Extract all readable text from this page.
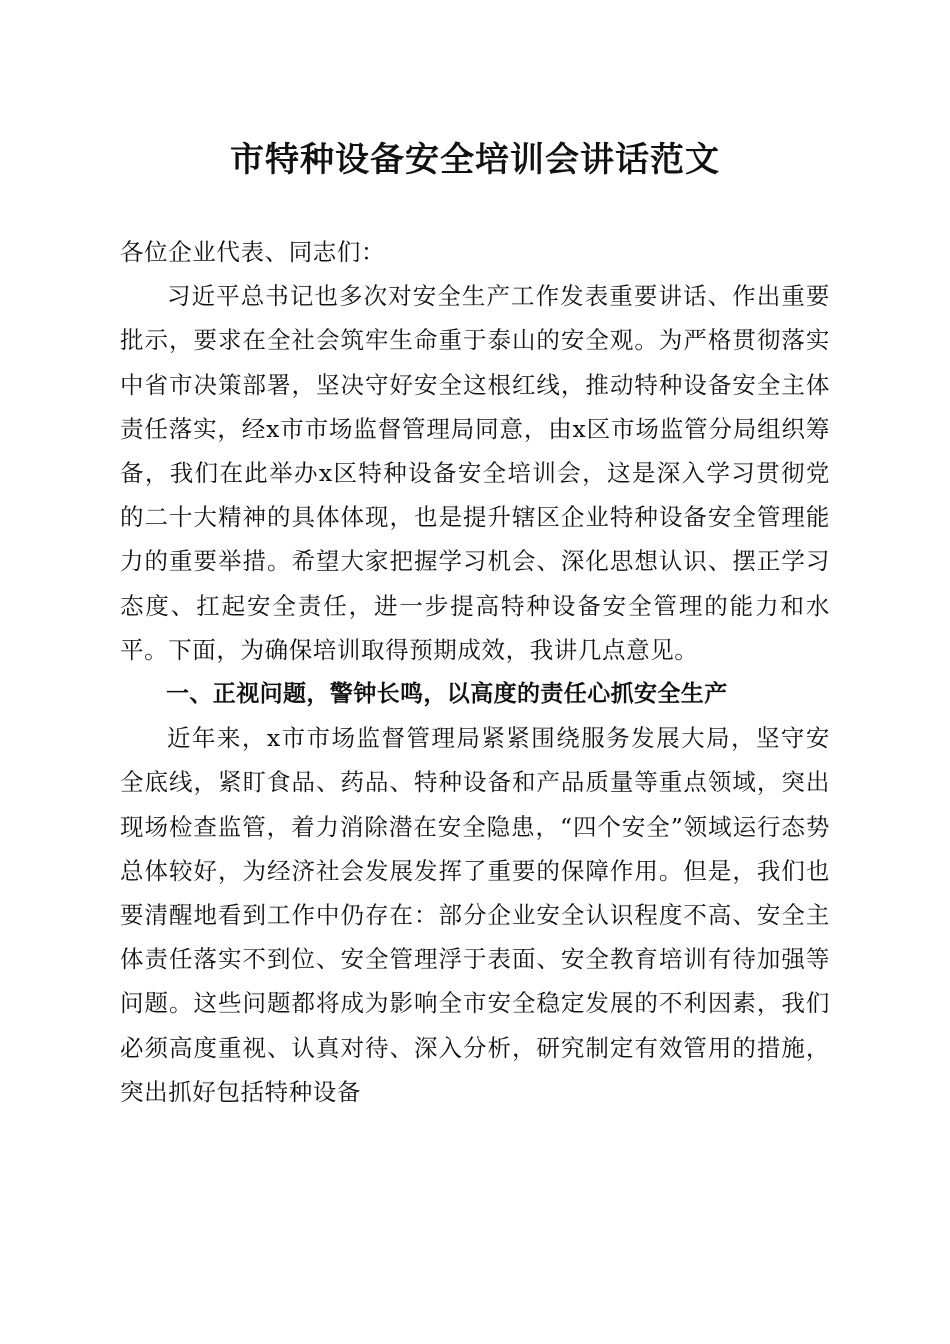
市特种设备安全培训会讲话范文

各位企业代表、同志们：

习近平总书记也多次对安全生产工作发表重要讲话、作出重要批示，要求在全社会筑牢生命重于泰山的安全观。为严格贯彻落实中省市决策部署，坚决守好安全这根红线，推动特种设备安全主体责任落实，经x市市场监督管理局同意，由x区市场监管分局组织筹备，我们在此举办x区特种设备安全培训会，这是深入学习贯彻党的二十大精神的具体体现，也是提升辖区企业特种设备安全管理能力的重要举措。希望大家把握学习机会、深化思想认识、摆正学习态度、扛起安全责任，进一步提高特种设备安全管理的能力和水平。下面，为确保培训取得预期成效，我讲几点意见。

一、正视问题，警钟长鸣，以高度的责任心抓安全生产

近年来，x市市场监督管理局紧紧围绕服务发展大局，坚守安全底线，紧盯食品、药品、特种设备和产品质量等重点领域，突出现场检查监管，着力消除潜在安全隐患，“四个安全”领域运行态势总体较好，为经济社会发展发挥了重要的保障作用。但是，我们也要清醒地看到工作中仍存在：部分企业安全认识程度不高、安全主体责任落实不到位、安全管理浮于表面、安全教育培训有待加强等问题。这些问题都将成为影响全市安全稳定发展的不利因素，我们必须高度重视、认真对待、深入分析，研究制定有效管用的措施，突出抓好包括特种设备
